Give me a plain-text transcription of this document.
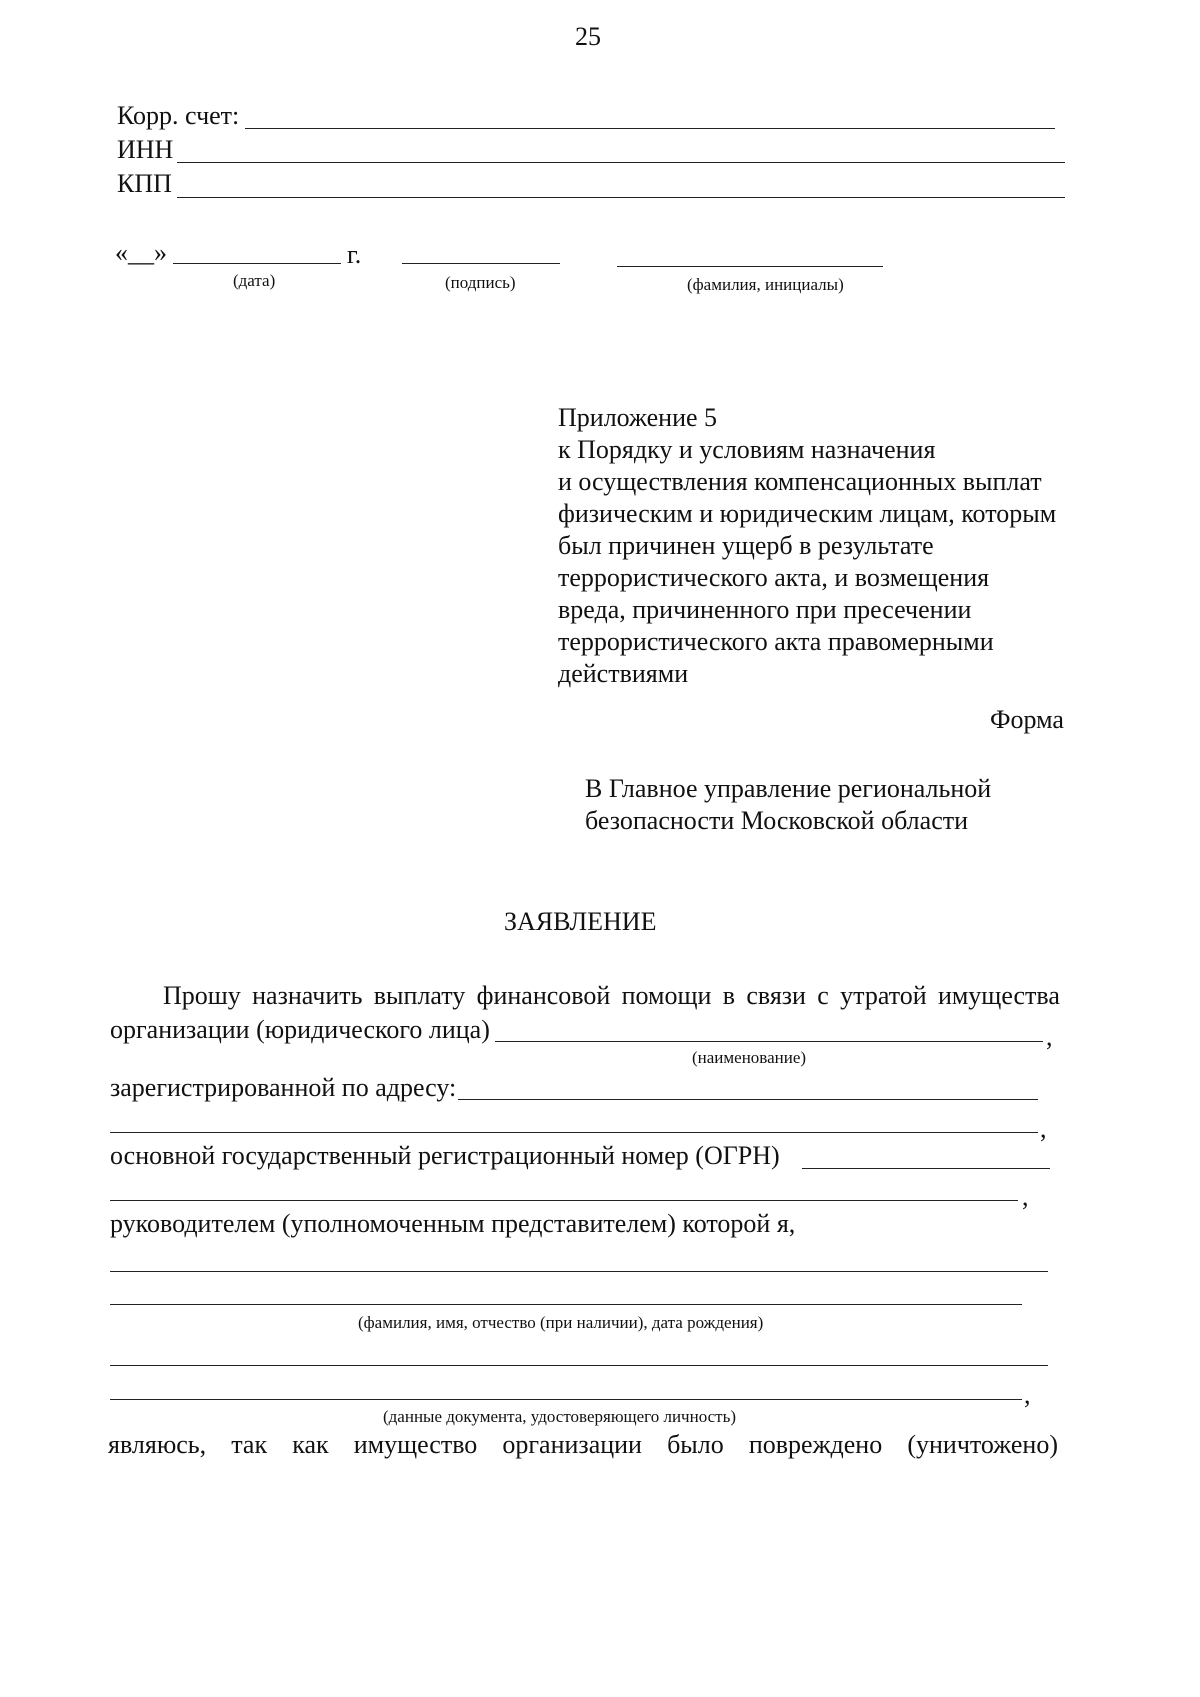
25
Корр. счет:
ИНН
КПП
«__»	г.
(дата)	(подпись)	(фамилия, инициалы)
Приложение 5
к Порядку и условиям назначения
и осуществления компенсационных выплат
физическим и юридическим лицам, которым
был причинен ущерб в результате
террористического акта, и возмещения
вреда, причиненного при пресечении
террористического акта правомерными
действиями
Форма
В Главное управление региональной
безопасности Московской области
ЗАЯВЛЕНИЕ
Прошу назначить выплату финансовой помощи в связи с утратой имущества
организации (юридического лица)	,
(наименование)
зарегистрированной по адресу:
,
основной государственный регистрационный номер (ОГРН)
,
руководителем (уполномоченным представителем) которой я,
(фамилия, имя, отчество (при наличии), дата рождения)
,
(данные документа, удостоверяющего личность)
являюсь, так как имущество организации было повреждено (уничтожено)
